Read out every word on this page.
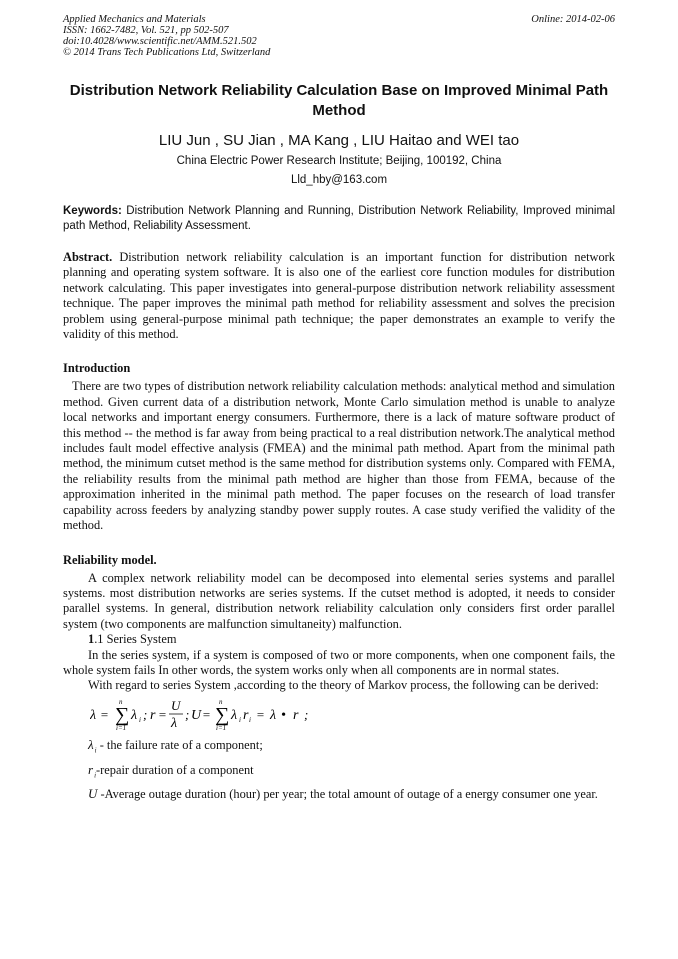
Applied Mechanics and Materials
ISSN: 1662-7482, Vol. 521, pp 502-507
doi:10.4028/www.scientific.net/AMM.521.502
© 2014 Trans Tech Publications Ltd, Switzerland
Online: 2014-02-06
Distribution Network Reliability Calculation Base on Improved Minimal Path Method
LIU Jun , SU Jian , MA Kang , LIU Haitao and WEI tao
China Electric Power Research Institute; Beijing, 100192, China
Lld_hby@163.com
Keywords: Distribution Network Planning and Running, Distribution Network Reliability, Improved minimal path Method, Reliability Assessment.

Abstract. Distribution network reliability calculation is an important function for distribution network planning and operating system software. It is also one of the earliest core function modules for distribution network calculating. This paper investigates into general-purpose distribution network reliability assessment technique. The paper improves the minimal path method for reliability assessment and solves the precision problem using general-purpose minimal path technique; the paper demonstrates an example to verify the validity of this method.

Introduction

There are two types of distribution network reliability calculation methods: analytical method and simulation method. Given current data of a distribution network, Monte Carlo simulation method is unable to analyze local networks and important energy consumers. Furthermore, there is a lack of mature software product of this method -- the method is far away from being practical to a real distribution network.The analytical method includes fault model effective analysis (FMEA) and the minimal path method. Apart from the minimal path method, the minimum cutset method is the same method for distribution systems only. Compared with FEMA, the reliability results from the minimal path method are higher than those from FEMA, because of the approximation inherited in the minimal path method. The paper focuses on the research of load transfer capability across feeders by analyzing standby power supply routes. A case study verified the validity of the method.

Reliability model.

A complex network reliability model can be decomposed into elemental series systems and parallel systems. most distribution networks are series systems. If the cutset method is adopted, it needs to consider parallel systems. In general, distribution network reliability calculation only considers first order parallel system (two components are malfunction simultaneity) malfunction.

1.1 Series System

In the series system, if a system is composed of two or more components, when one component fails, the whole system fails In other words, the system works only when all components are in normal states.

With regard to series System ,according to the theory of Markov process, the following can be derived:

λ = ∑
n
i=1
λ i ; r =
U
λ
; U = ∑
n
i=1
λ i r i = λ • r ;

$\lambda_i$ - the failure rate of a component;

$r_i$-repair duration of a component

U -Average outage duration (hour) per year; the total amount of outage of a energy consumer one year.
